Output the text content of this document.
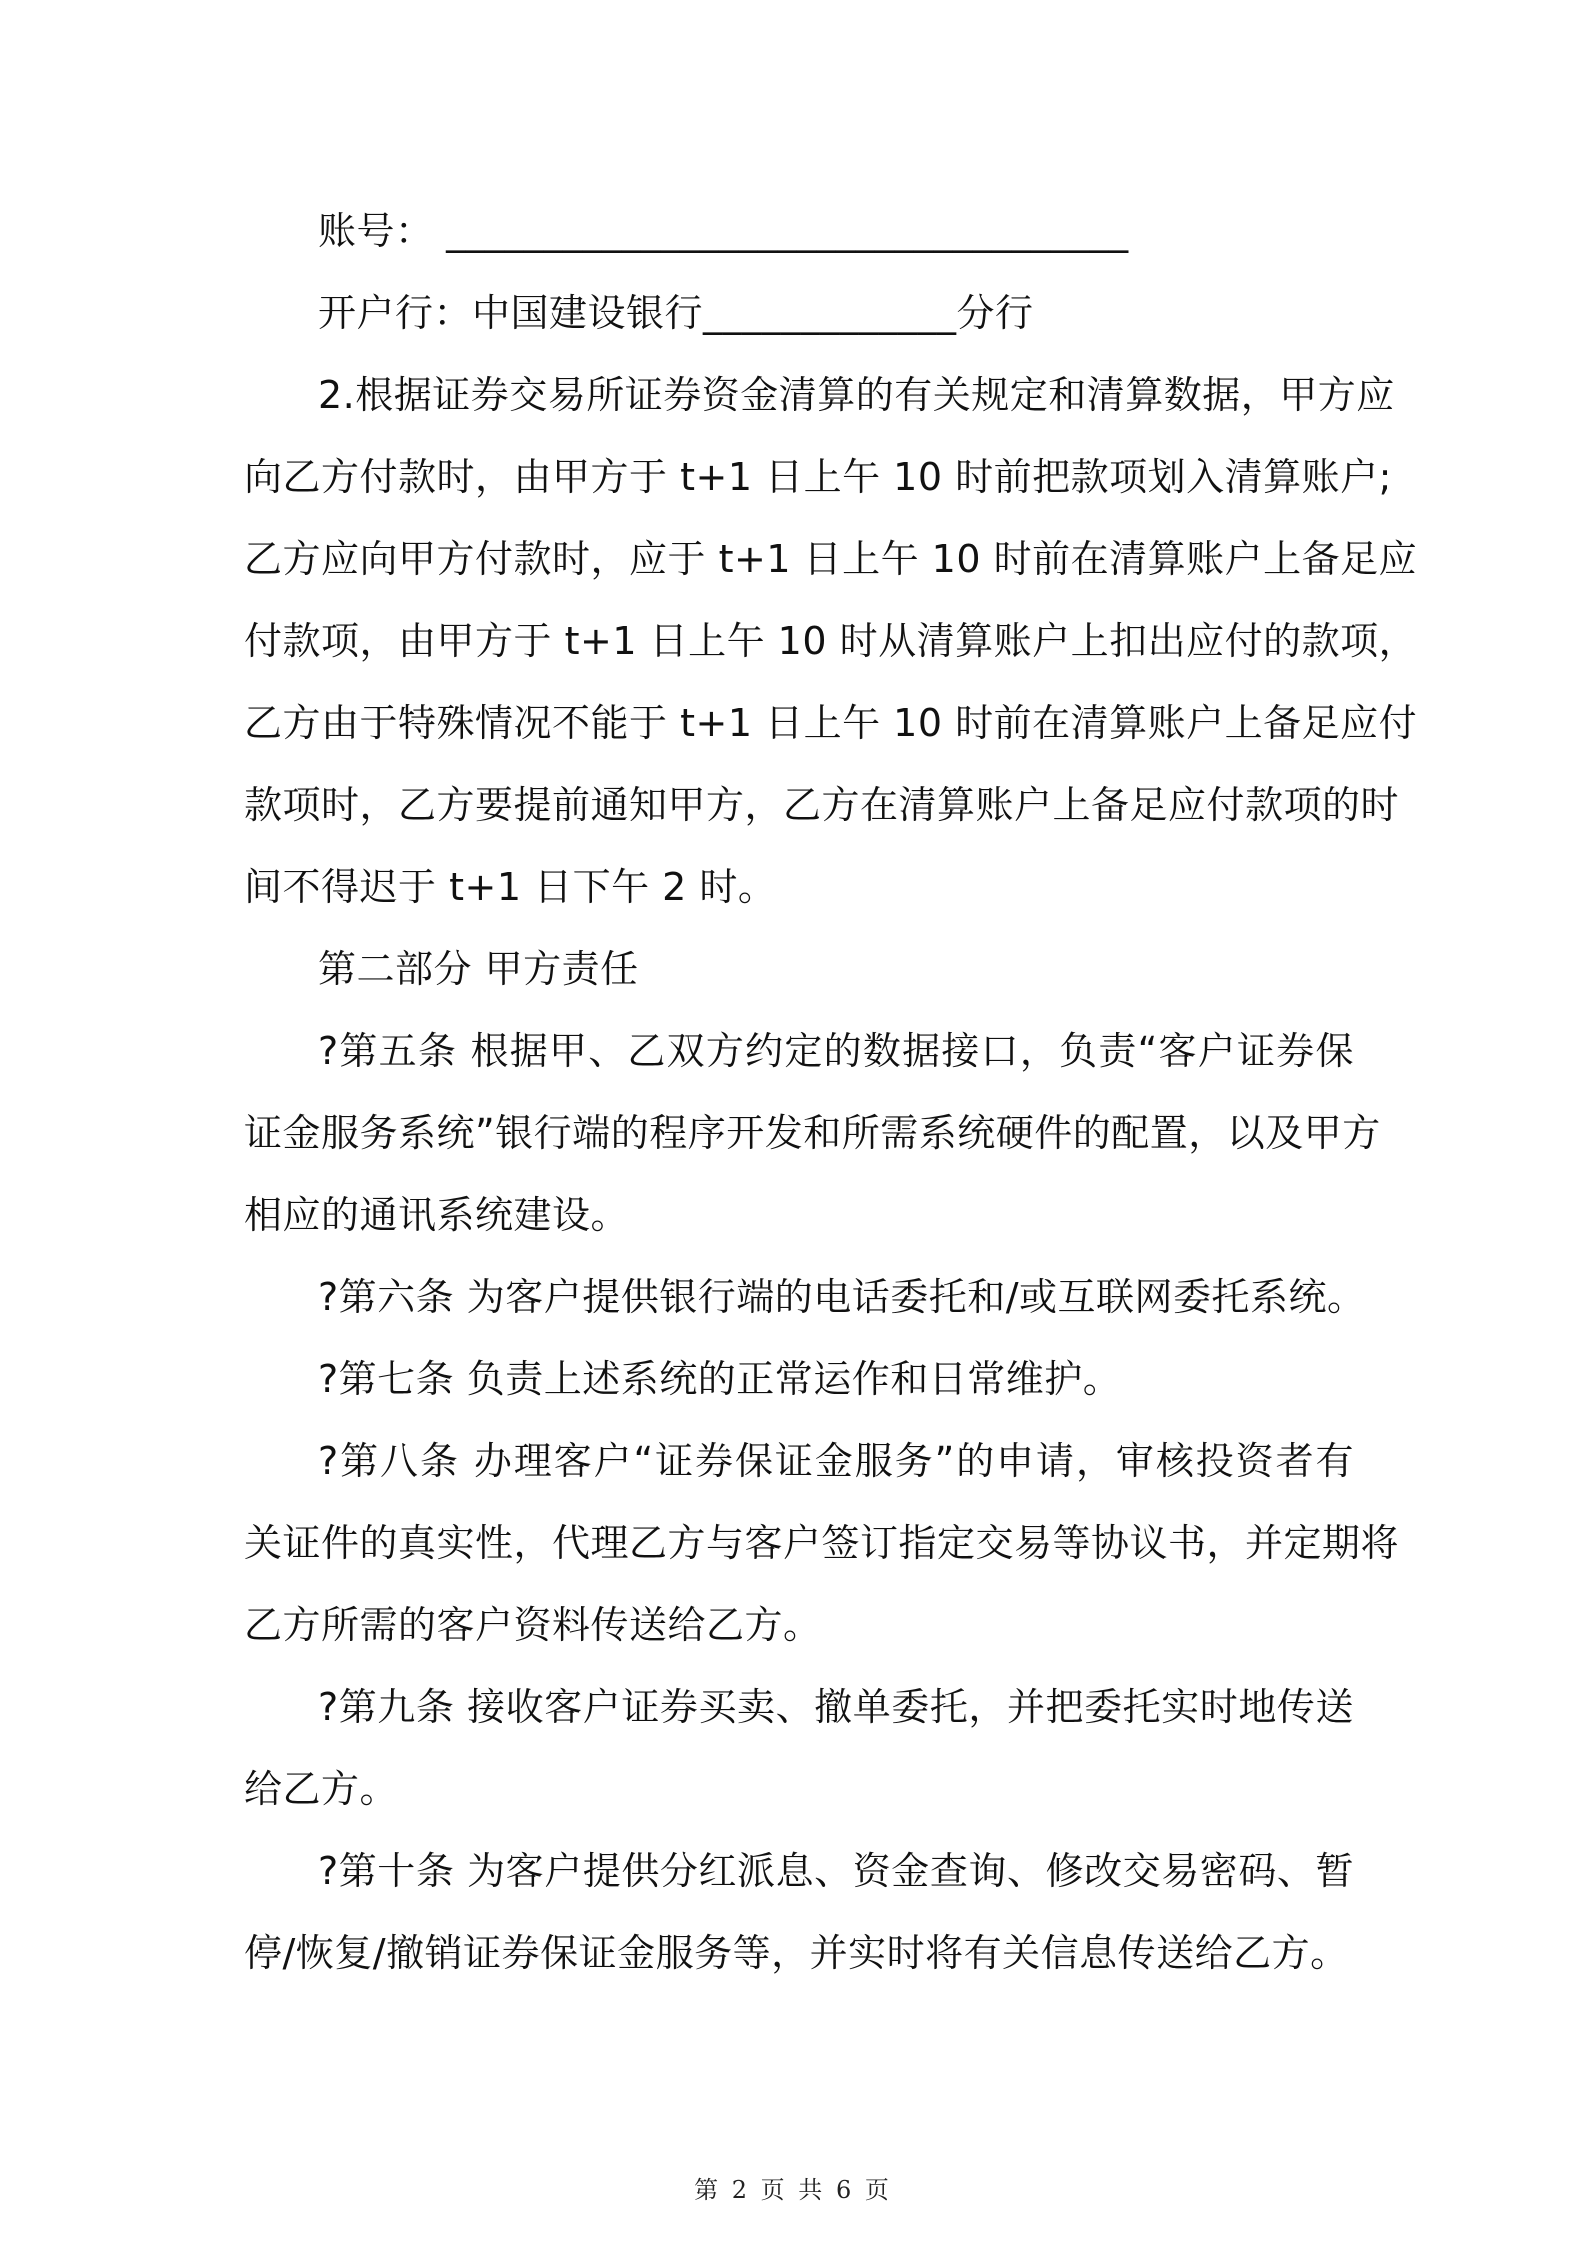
账号： ___________________________________
开户行：中国建设银行_____________分行
2.根据证券交易所证券资金清算的有关规定和清算数据，甲方应
向乙方付款时，由甲方于 t+1 日上午 10 时前把款项划入清算账户;
乙方应向甲方付款时，应于 t+1 日上午 10 时前在清算账户上备足应
付款项，由甲方于 t+1 日上午 10 时从清算账户上扣出应付的款项，
乙方由于特殊情况不能于 t+1 日上午 10 时前在清算账户上备足应付
款项时，乙方要提前通知甲方，乙方在清算账户上备足应付款项的时
间不得迟于 t+1 日下午 2 时。
第二部分 甲方责任
?第五条 根据甲、乙双方约定的数据接口，负责“客户证券保
证金服务系统”银行端的程序开发和所需系统硬件的配置，以及甲方
相应的通讯系统建设。
?第六条 为客户提供银行端的电话委托和/或互联网委托系统。
?第七条 负责上述系统的正常运作和日常维护。
?第八条 办理客户“证券保证金服务”的申请，审核投资者有
关证件的真实性，代理乙方与客户签订指定交易等协议书，并定期将
乙方所需的客户资料传送给乙方。
?第九条 接收客户证券买卖、撤单委托，并把委托实时地传送
给乙方。
?第十条 为客户提供分红派息、资金查询、修改交易密码、暂
停/恢复/撤销证券保证金服务等，并实时将有关信息传送给乙方。
第 2 页 共 6 页
